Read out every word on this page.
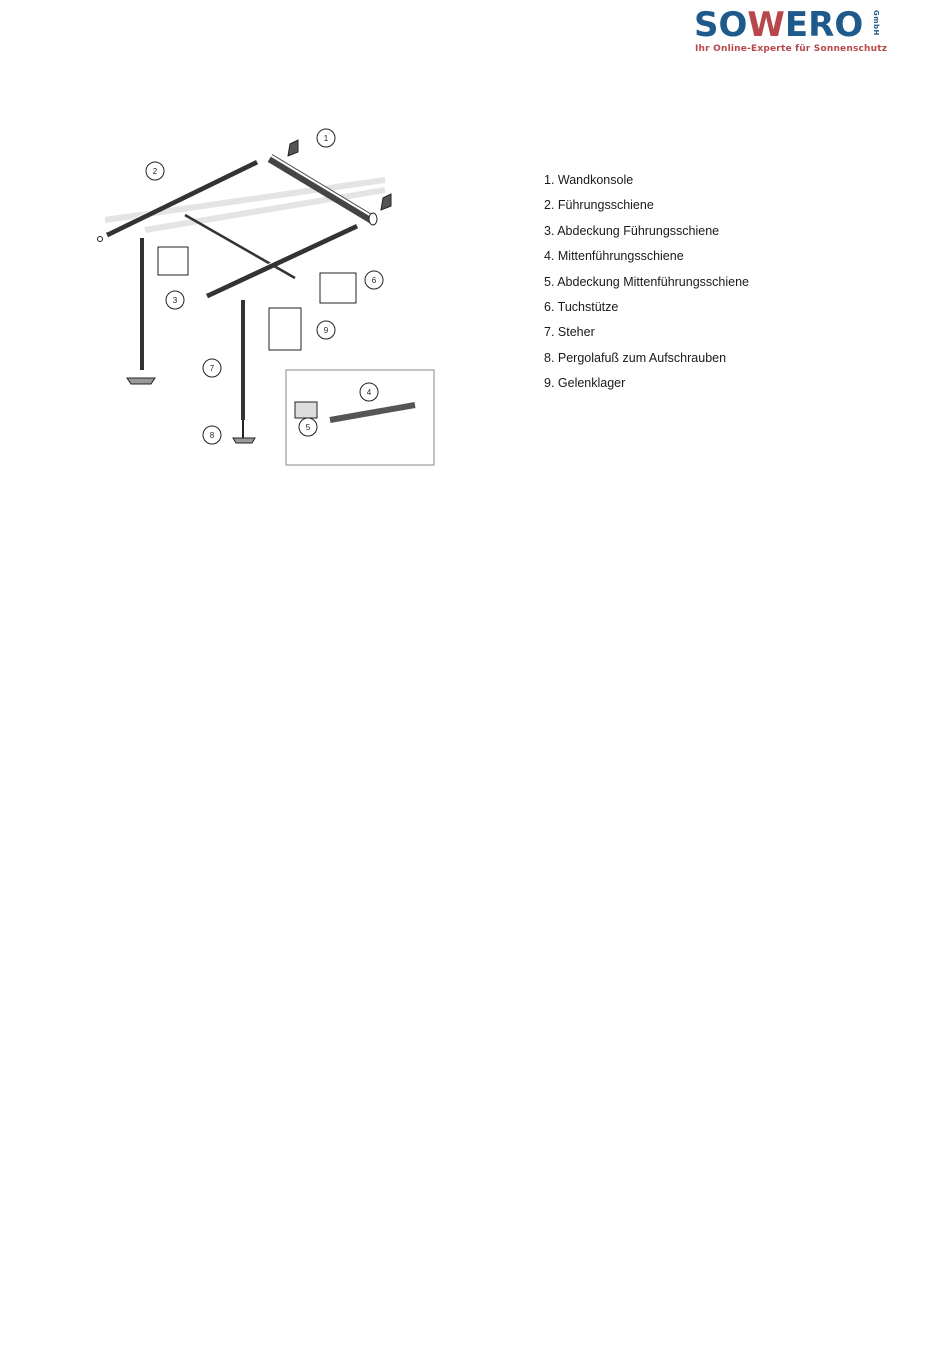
SOWERO GmbH
Ihr Online-Experte für Sonnenschutz
1
2
3
4
5
6
7
8
9
1. Wandkonsole
2. Führungsschiene
3. Abdeckung Führungsschiene
4. Mittenführungsschiene
5. Abdeckung Mittenführungsschiene
6. Tuchstütze
7. Steher
8. Pergolafuß zum Aufschrauben
9. Gelenklager
